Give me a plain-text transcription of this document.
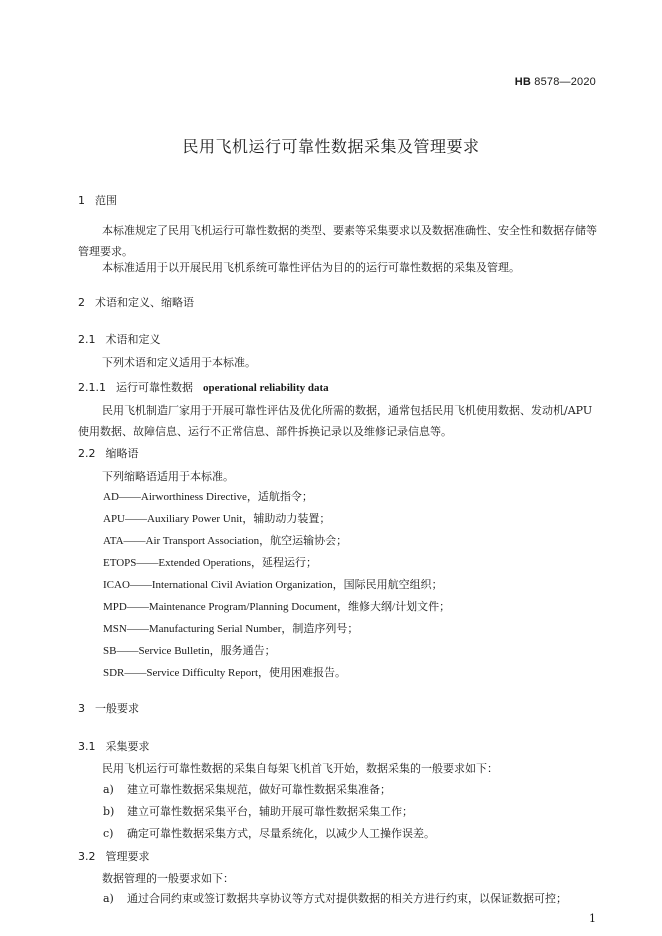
HB 8578—2020
民用飞机运行可靠性数据采集及管理要求
1 范围
本标准规定了民用飞机运行可靠性数据的类型、要素等采集要求以及数据准确性、安全性和数据存储等管理要求。
本标准适用于以开展民用飞机系统可靠性评估为目的的运行可靠性数据的采集及管理。
2 术语和定义、缩略语
2.1 术语和定义
下列术语和定义适用于本标准。
2.1.1 运行可靠性数据 operational reliability data
民用飞机制造厂家用于开展可靠性评估及优化所需的数据，通常包括民用飞机使用数据、发动机/APU使用数据、故障信息、运行不正常信息、部件拆换记录以及维修记录信息等。
2.2 缩略语
下列缩略语适用于本标准。
AD——Airworthiness Directive，适航指令；
APU——Auxiliary Power Unit，辅助动力装置；
ATA——Air Transport Association，航空运输协会；
ETOPS——Extended Operations，延程运行；
ICAO——International Civil Aviation Organization，国际民用航空组织；
MPD——Maintenance Program/Planning Document，维修大纲/计划文件；
MSN——Manufacturing Serial Number，制造序列号；
SB——Service Bulletin，服务通告；
SDR——Service Difficulty Report，使用困难报告。
3 一般要求
3.1 采集要求
民用飞机运行可靠性数据的采集自每架飞机首飞开始，数据采集的一般要求如下：
a) 建立可靠性数据采集规范，做好可靠性数据采集准备；
b) 建立可靠性数据采集平台，辅助开展可靠性数据采集工作；
c) 确定可靠性数据采集方式，尽量系统化，以减少人工操作误差。
3.2 管理要求
数据管理的一般要求如下：
a) 通过合同约束或签订数据共享协议等方式对提供数据的相关方进行约束，以保证数据可控；
1
